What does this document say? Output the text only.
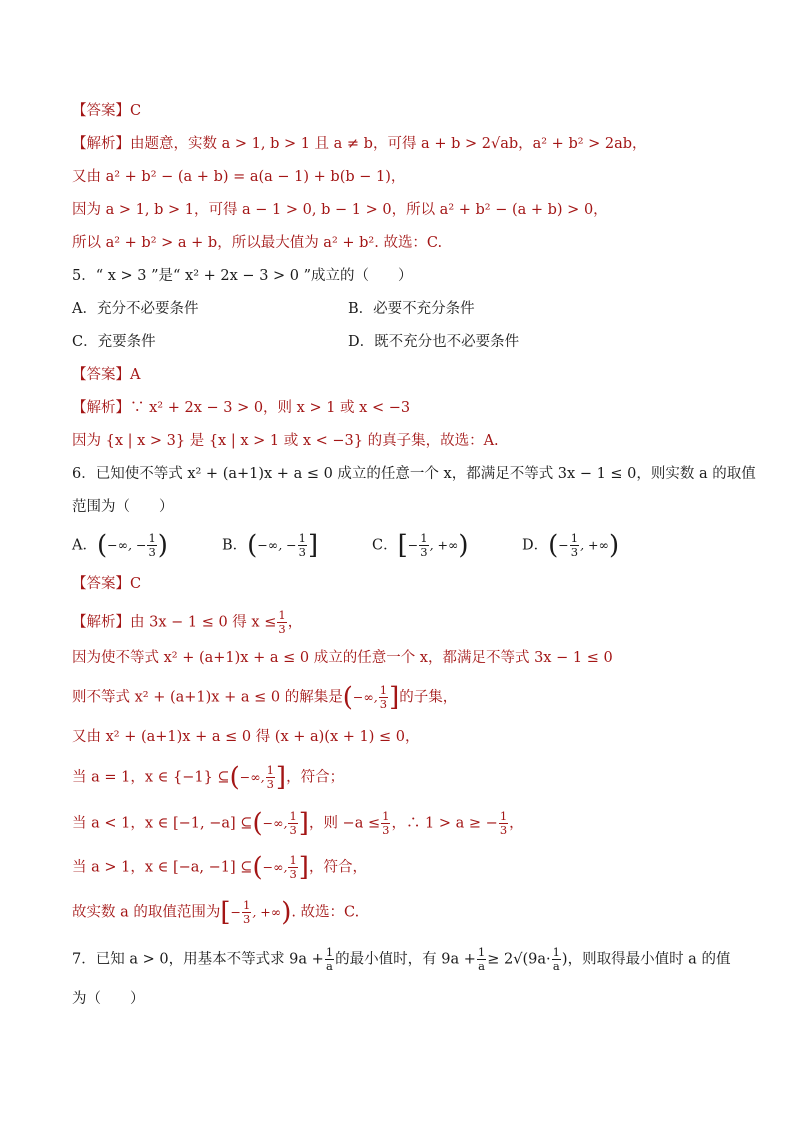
【答案】C
【解析】由题意，实数 a > 1, b > 1 且 a ≠ b，可得 a + b > 2√ab，a² + b² > 2ab，
又由 a² + b² − (a + b) = a(a − 1) + b(b − 1)，
因为 a > 1, b > 1，可得 a − 1 > 0, b − 1 > 0，所以 a² + b² − (a + b) > 0，
所以 a² + b² > a + b，所以最大值为 a² + b². 故选：C.
5．“ x > 3 ”是“ x² + 2x − 3 > 0 ”成立的（　　）
A．充分不必要条件	B．必要不充分条件
C．充要条件	D．既不充分也不必要条件
【答案】A
【解析】∵ x² + 2x − 3 > 0，则 x > 1 或 x < −3
因为 {x | x > 3} 是 {x | x > 1 或 x < −3} 的真子集，故选：A.
6．已知使不等式 x² + (a+1)x + a ≤ 0 成立的任意一个 x，都满足不等式 3x − 1 ≤ 0，则实数 a 的取值
范围为（　　）
A．(−∞, − $\frac{1}{3}$ )	B．(−∞, − $\frac{1}{3}$ ]	C．[− $\frac{1}{3}$ , +∞)	D．(− $\frac{1}{3}$ , +∞)
【答案】C
【解析】由 3x − 1 ≤ 0 得 $x \le \frac{1}{3}$ ，
因为使不等式 x² + (a+1)x + a ≤ 0 成立的任意一个 x，都满足不等式 3x − 1 ≤ 0
则不等式 x² + (a+1)x + a ≤ 0 的解集是(−∞, $\frac{1}{3}$ ]的子集，
又由 x² + (a+1)x + a ≤ 0 得 (x + a)(x + 1) ≤ 0，
当 a = 1，x ∈ {−1} ⊆(−∞, $\frac{1}{3}$ ]，符合；
当 a < 1，x ∈ [−1, −a] ⊆(−∞, $\frac{1}{3}$ ]，则 $-a \le \frac{1}{3}$ ，∴ 1 > a ≥ − $\frac{1}{3}$ ，
当 a > 1，x ∈ [−a, −1] ⊆(−∞, $\frac{1}{3}$ ]，符合，
故实数 a 的取值范围为[− $\frac{1}{3}$ , +∞). 故选：C.
7．已知 a > 0，用基本不等式求 $9a + \frac{1}{a}$ 的最小值时，有 $9a + \frac{1}{a} \ge 2√(9a\cdot \frac{1}{a}$ )，则取得最小值时 a 的值
为（　　）
